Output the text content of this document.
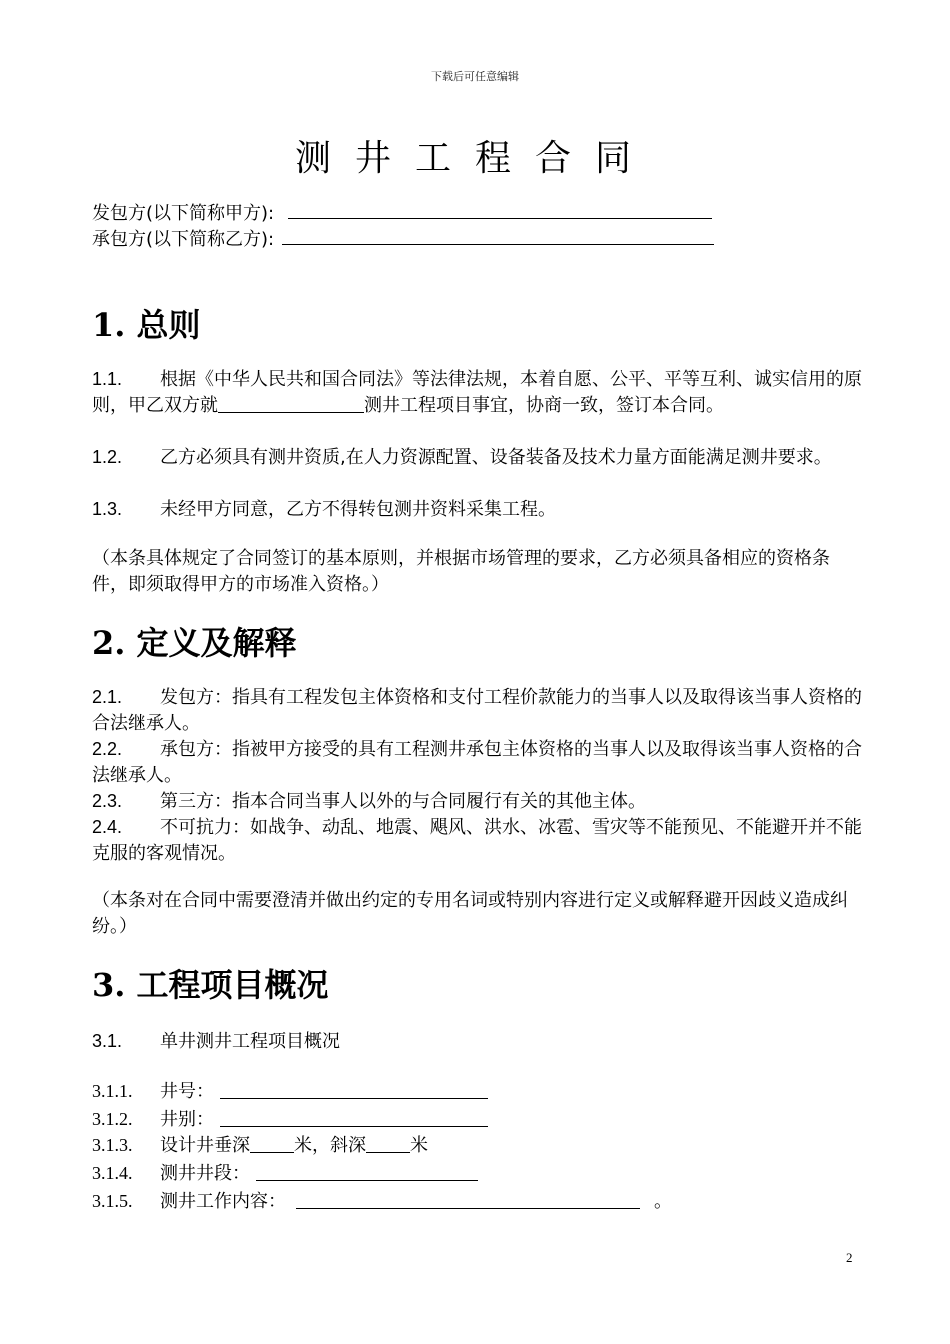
下载后可任意编辑
测井工程合同
发包方(以下简称甲方):
承包方(以下简称乙方):
1. 总则
1.1. 根据《中华人民共和国合同法》等法律法规，本着自愿、公平、平等互利、诚实信用的原则，甲乙双方就	测井工程项目事宜，协商一致，签订本合同。
1.2. 乙方必须具有测井资质,在人力资源配置、设备装备及技术力量方面能满足测井要求。
1.3. 未经甲方同意，乙方不得转包测井资料采集工程。
（本条具体规定了合同签订的基本原则，并根据市场管理的要求，乙方必须具备相应的资格条件，即须取得甲方的市场准入资格。）
2. 定义及解释
2.1. 发包方：指具有工程发包主体资格和支付工程价款能力的当事人以及取得该当事人资格的合法继承人。
2.2. 承包方：指被甲方接受的具有工程测井承包主体资格的当事人以及取得该当事人资格的合法继承人。
2.3. 第三方：指本合同当事人以外的与合同履行有关的其他主体。
2.4. 不可抗力：如战争、动乱、地震、飓风、洪水、冰雹、雪灾等不能预见、不能避开并不能克服的客观情况。
（本条对在合同中需要澄清并做出约定的专用名词或特别内容进行定义或解释避开因歧义造成纠纷。）
3. 工程项目概况
3.1. 单井测井工程项目概况
3.1.1. 井号：
3.1.2. 井别：
3.1.3. 设计井垂深 米，斜深 米
3.1.4. 测井井段：
3.1.5. 测井工作内容：	。
2
